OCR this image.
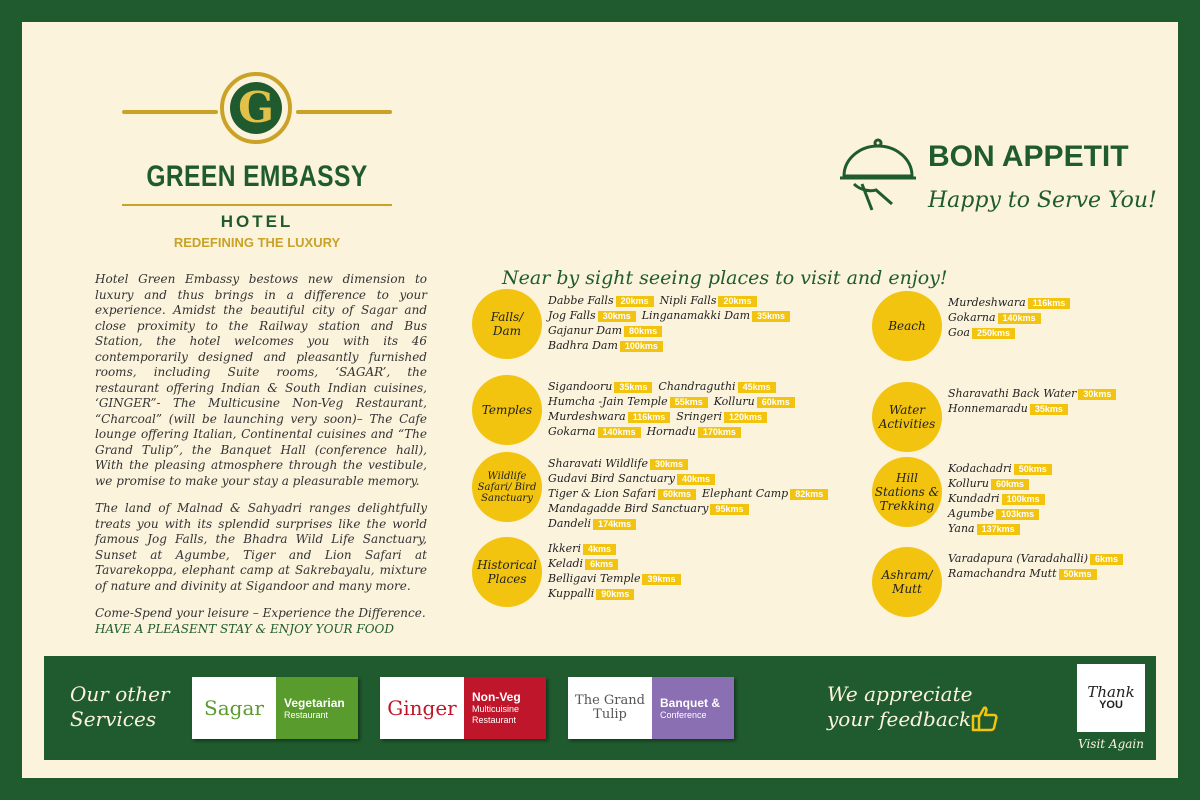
G
GREEN EMBASSY
HOTEL
REDEFINING THE LUXURY
BON APPETIT
Happy to Serve You!

Hotel Green Embassy bestows new dimension to luxury and thus brings in a difference to your experience. Amidst the beautiful city of Sagar and close proximity to the Railway station and Bus Station, the hotel welcomes you with its 46 contemporarily designed and pleasantly furnished rooms, including Suite rooms, ‘SAGAR’, the restaurant offering Indian & South Indian cuisines, ‘GINGER”- The Multicusine Non-Veg Restaurant, “Charcoal” (will be launching very soon)– The Cafe lounge offering Italian, Continental cuisines and “The Grand Tulip”, the Banquet Hall (conference hall), With the pleasing atmosphere through the vestibule, we promise to make your stay a pleasurable memory.

The land of Malnad & Sahyadri ranges delightfully treats you with its splendid surprises like the world famous Jog Falls, the Bhadra Wild Life Sanctuary, Sunset at Agumbe, Tiger and Lion Safari at Tavarekoppa, elephant camp at Sakrebayalu, mixture of nature and divinity at Sigandoor and many more.

Come-Spend your leisure – Experience the Difference.

HAVE A PLEASENT STAY & ENJOY YOUR FOOD

Near by sight seeing places to visit and enjoy!
Falls/
Dam
Dabbe Falls 20kms Nipli Falls 20kms
Jog Falls 30kms Linganamakki Dam 35kms
Gajanur Dam 80kms
Badhra Dam 100kms
Temples
Sigandooru 35kms Chandraguthi 45kms
Humcha -Jain Temple 55kms Kolluru 60kms
Murdeshwara 116kms Sringeri 120kms
Gokarna 140kms Hornadu 170kms
Wildlife Safari/ Bird Sanctuary
Sharavati Wildlife 30kms
Gudavi Bird Sanctuary 40kms
Tiger & Lion Safari 60kms Elephant Camp 82kms
Mandagadde Bird Sanctuary 95kms
Dandeli 174kms
Historical Places
Ikkeri 4kms
Keladi 6kms
Belligavi Temple 39kms
Kuppalli 90kms
Beach
Murdeshwara 116kms
Gokarna 140kms
Goa 250kms
Water Activities
Sharavathi Back Water 30kms
Honnemaradu 35kms
Hill Stations & Trekking
Kodachadri 50kms
Kolluru 60kms
Kundadri 100kms
Agumbe 103kms
Yana 137kms
Ashram/ Mutt
Varadapura (Varadahalli) 6kms
Ramachandra Mutt 50kms
Our other Services	Sagar	Vegetarian
Restaurant	Ginger	Non-Veg
Multicuisine Restaurant
The Grand Tulip
Banquet &
Conference
We appreciate your feedback
Thank
YOU
Visit Again
